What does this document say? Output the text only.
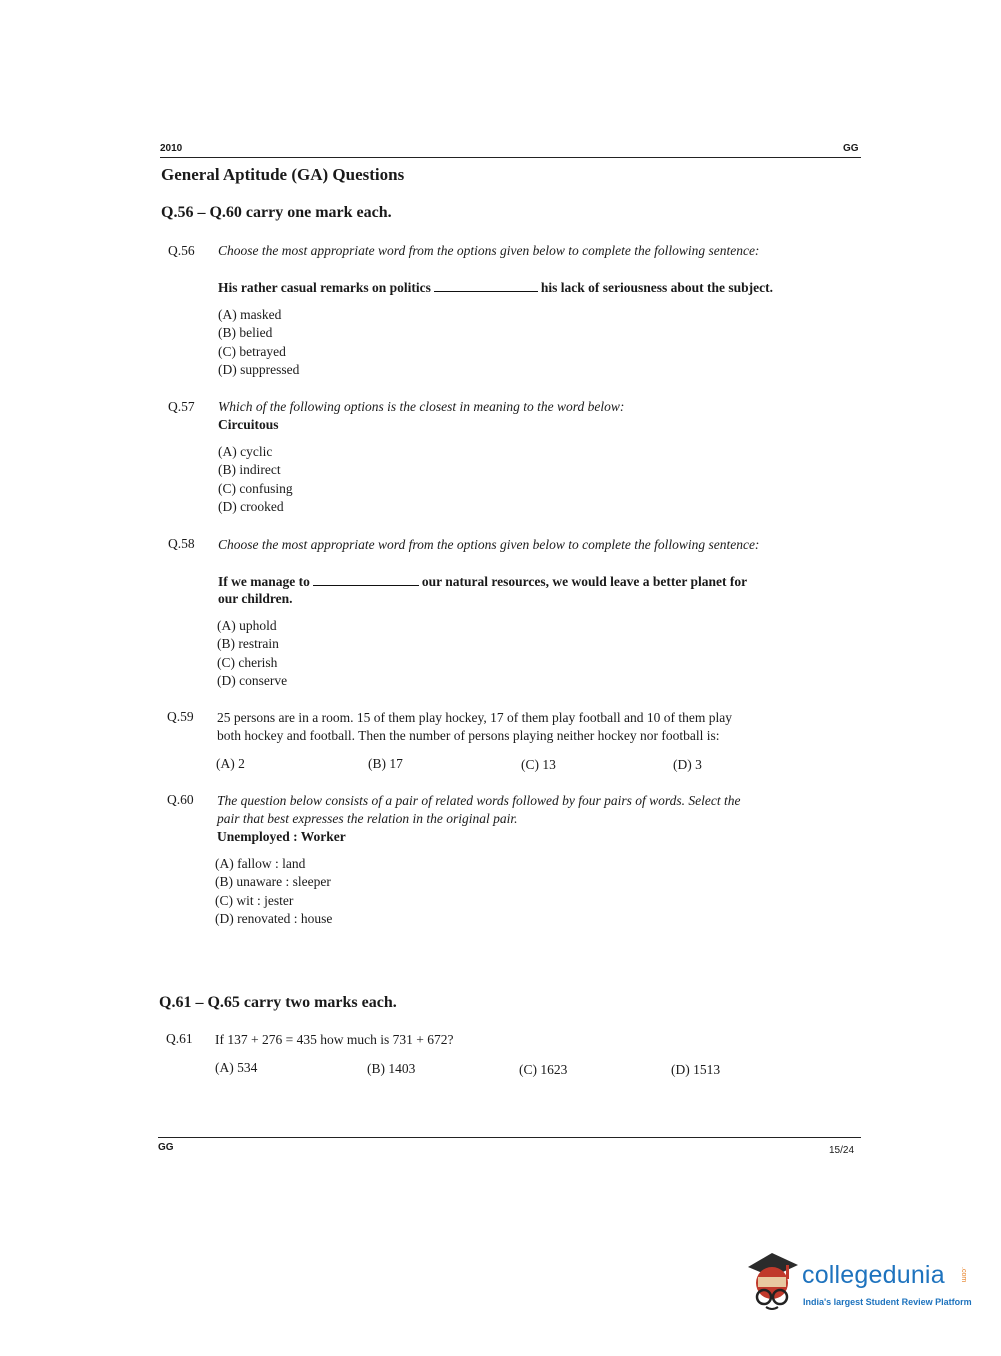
2010	GG
General Aptitude (GA) Questions
Q.56 – Q.60 carry one mark each.
Q.56 Choose the most appropriate word from the options given below to complete the following sentence:
His rather casual remarks on politics	his lack of seriousness about the subject.
(A) masked
(B) belied
(C) betrayed
(D) suppressed
Q.57 Which of the following options is the closest in meaning to the word below:
Circuitous
(A) cyclic
(B) indirect
(C) confusing
(D) crooked
Q.58 Choose the most appropriate word from the options given below to complete the following sentence:
If we manage to	our natural resources, we would leave a better planet for
our children.
(A) uphold
(B) restrain
(C) cherish
(D) conserve
Q.59 25 persons are in a room. 15 of them play hockey, 17 of them play football and 10 of them play
both hockey and football. Then the number of persons playing neither hockey nor football is:
(A) 2	(B) 17	(C) 13	(D) 3
Q.60 The question below consists of a pair of related words followed by four pairs of words. Select the
pair that best expresses the relation in the original pair.
Unemployed : Worker
(A) fallow : land
(B) unaware : sleeper
(C) wit : jester
(D) renovated : house
Q.61 – Q.65 carry two marks each.
Q.61 If 137 + 276 = 435 how much is 731 + 672?
(A) 534	(B) 1403	(C) 1623	(D) 1513
GG	15/24
collegedunia .com
India's largest Student Review Platform
